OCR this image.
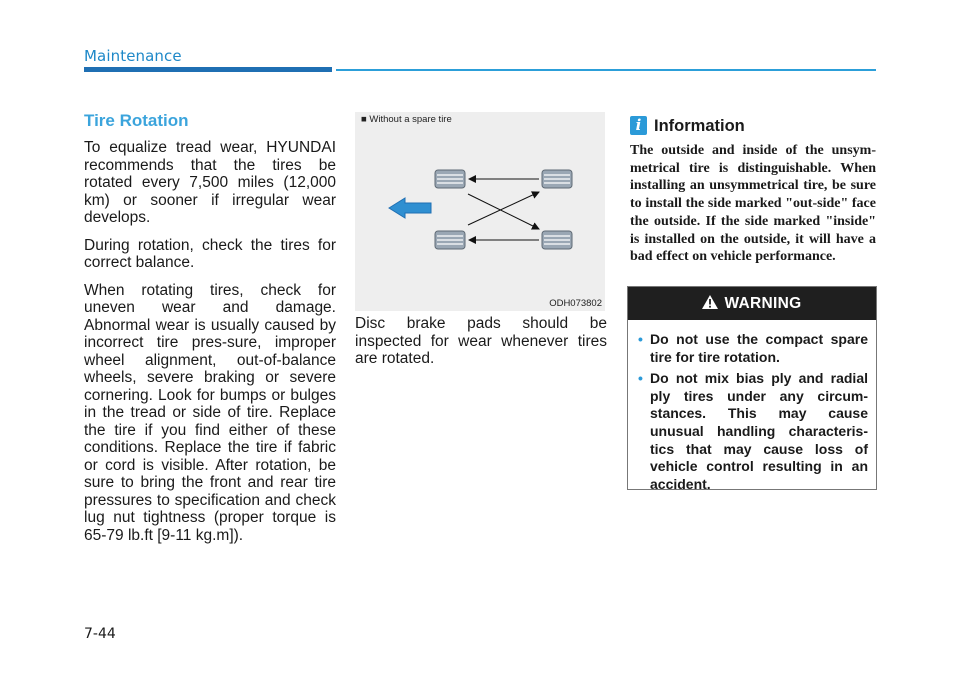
Maintenance
Tire Rotation

To equalize tread wear, HYUNDAI recommends that the tires be rotated every 7,500 miles (12,000 km) or sooner if irregular wear develops.

During rotation, check the tires for correct balance.

When rotating tires, check for uneven wear and damage. Abnormal wear is usually caused by incorrect tire pres-sure, improper wheel alignment, out-of-balance wheels, severe braking or severe cornering. Look for bumps or bulges in the tread or side of tire. Replace the tire if you find either of these conditions. Replace the tire if fabric or cord is visible. After rotation, be sure to bring the front and rear tire pressures to specification and check lug nut tightness (proper torque is 65-79 lb.ft [9-11 kg.m]).

■ Without a spare tire
ODH073802

Disc brake pads should be inspected for wear whenever tires are rotated.

i Information
The outside and inside of the unsym-metrical tire is distinguishable. When installing an unsymmetrical tire, be sure to install the side marked "out-side" face the outside. If the side marked "inside" is installed on the outside, it will have a bad effect on vehicle performance.
WARNING
• Do not use the compact spare tire for tire rotation.
• Do not mix bias ply and radial ply tires under any circum-stances. This may cause unusual handling characteris-tics that may cause loss of vehicle control resulting in an accident.
7-44
